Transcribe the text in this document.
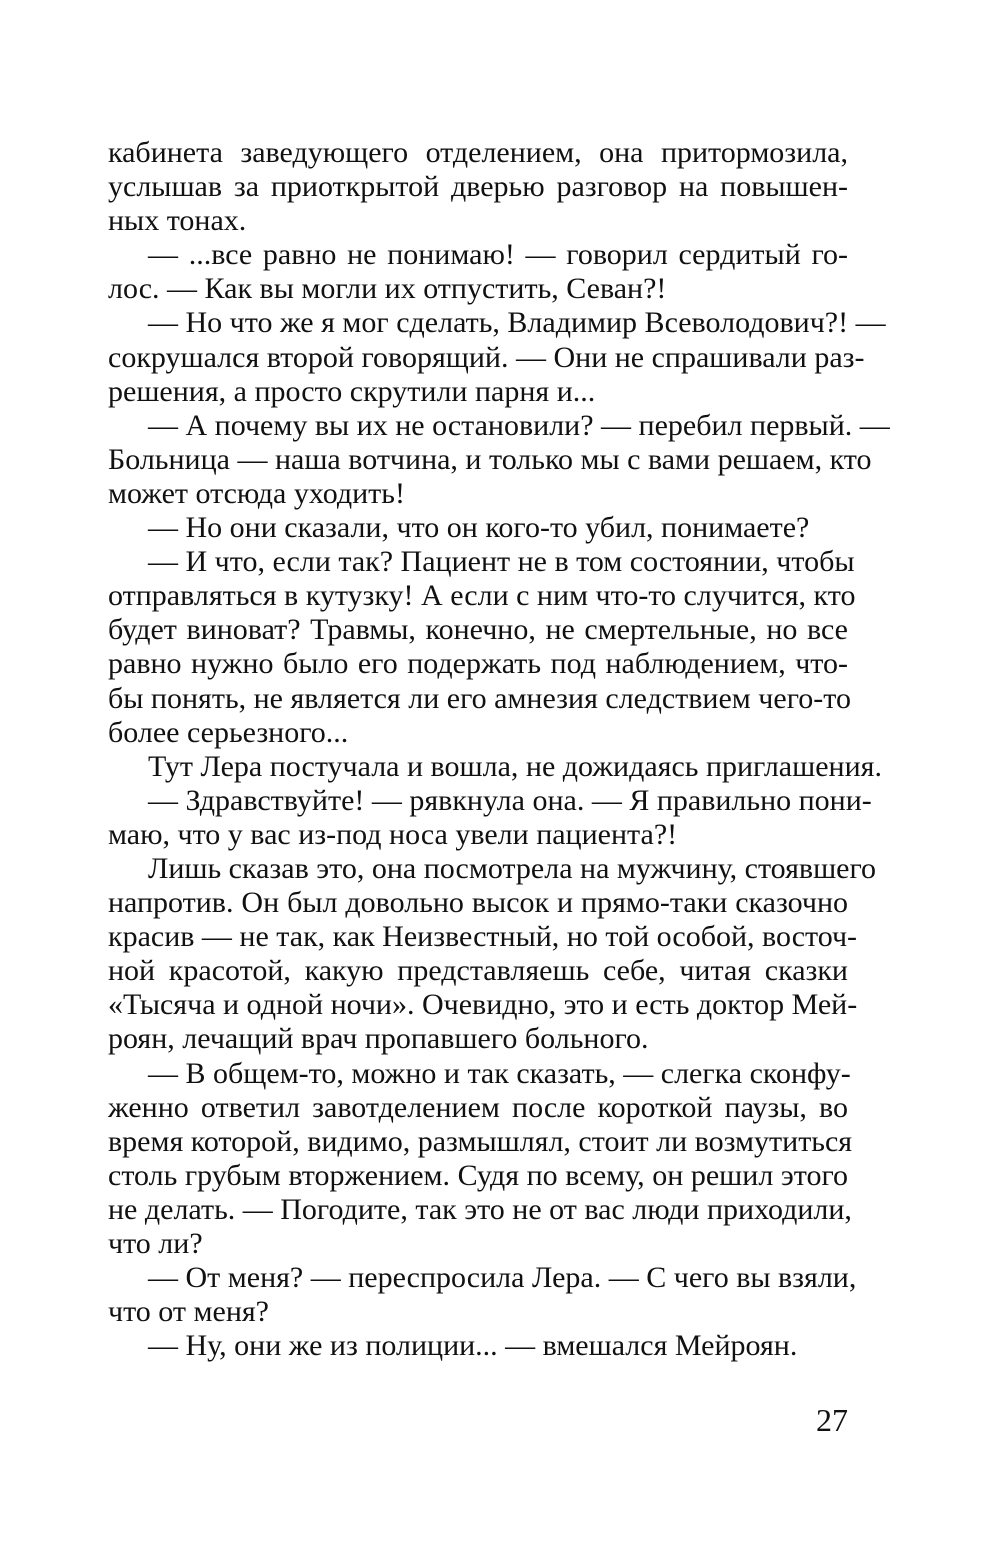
кабинета заведующего отделением, она притормозила,
услышав за приоткрытой дверью разговор на повышен-
ных тонах.
— ...все равно не понимаю! — говорил сердитый го-
лос. — Как вы могли их отпустить, Севан?!
— Но что же я мог сделать, Владимир Всеволодович?! —
сокрушался второй говорящий. — Они не спрашивали раз-
решения, а просто скрутили парня и...
— А почему вы их не остановили? — перебил первый. —
Больница — наша вотчина, и только мы с вами решаем, кто
может отсюда уходить!
— Но они сказали, что он кого-то убил, понимаете?
— И что, если так? Пациент не в том состоянии, чтобы
отправляться в кутузку! А если с ним что-то случится, кто
будет виноват? Травмы, конечно, не смертельные, но все
равно нужно было его подержать под наблюдением, что-
бы понять, не является ли его амнезия следствием чего-то
более серьезного...
Тут Лера постучала и вошла, не дожидаясь приглашения.
— Здравствуйте! — рявкнула она. — Я правильно пони-
маю, что у вас из-под носа увели пациента?!
Лишь сказав это, она посмотрела на мужчину, стоявшего
напротив. Он был довольно высок и прямо-таки сказочно
красив — не так, как Неизвестный, но той особой, восточ-
ной красотой, какую представляешь себе, читая сказки
«Тысяча и одной ночи». Очевидно, это и есть доктор Мей-
роян, лечащий врач пропавшего больного.
— В общем-то, можно и так сказать, — слегка сконфу-
женно ответил завотделением после короткой паузы, во
время которой, видимо, размышлял, стоит ли возмутиться
столь грубым вторжением. Судя по всему, он решил этого
не делать. — Погодите, так это не от вас люди приходили,
что ли?
— От меня? — переспросила Лера. — С чего вы взяли,
что от меня?
— Ну, они же из полиции... — вмешался Мейроян.
27
